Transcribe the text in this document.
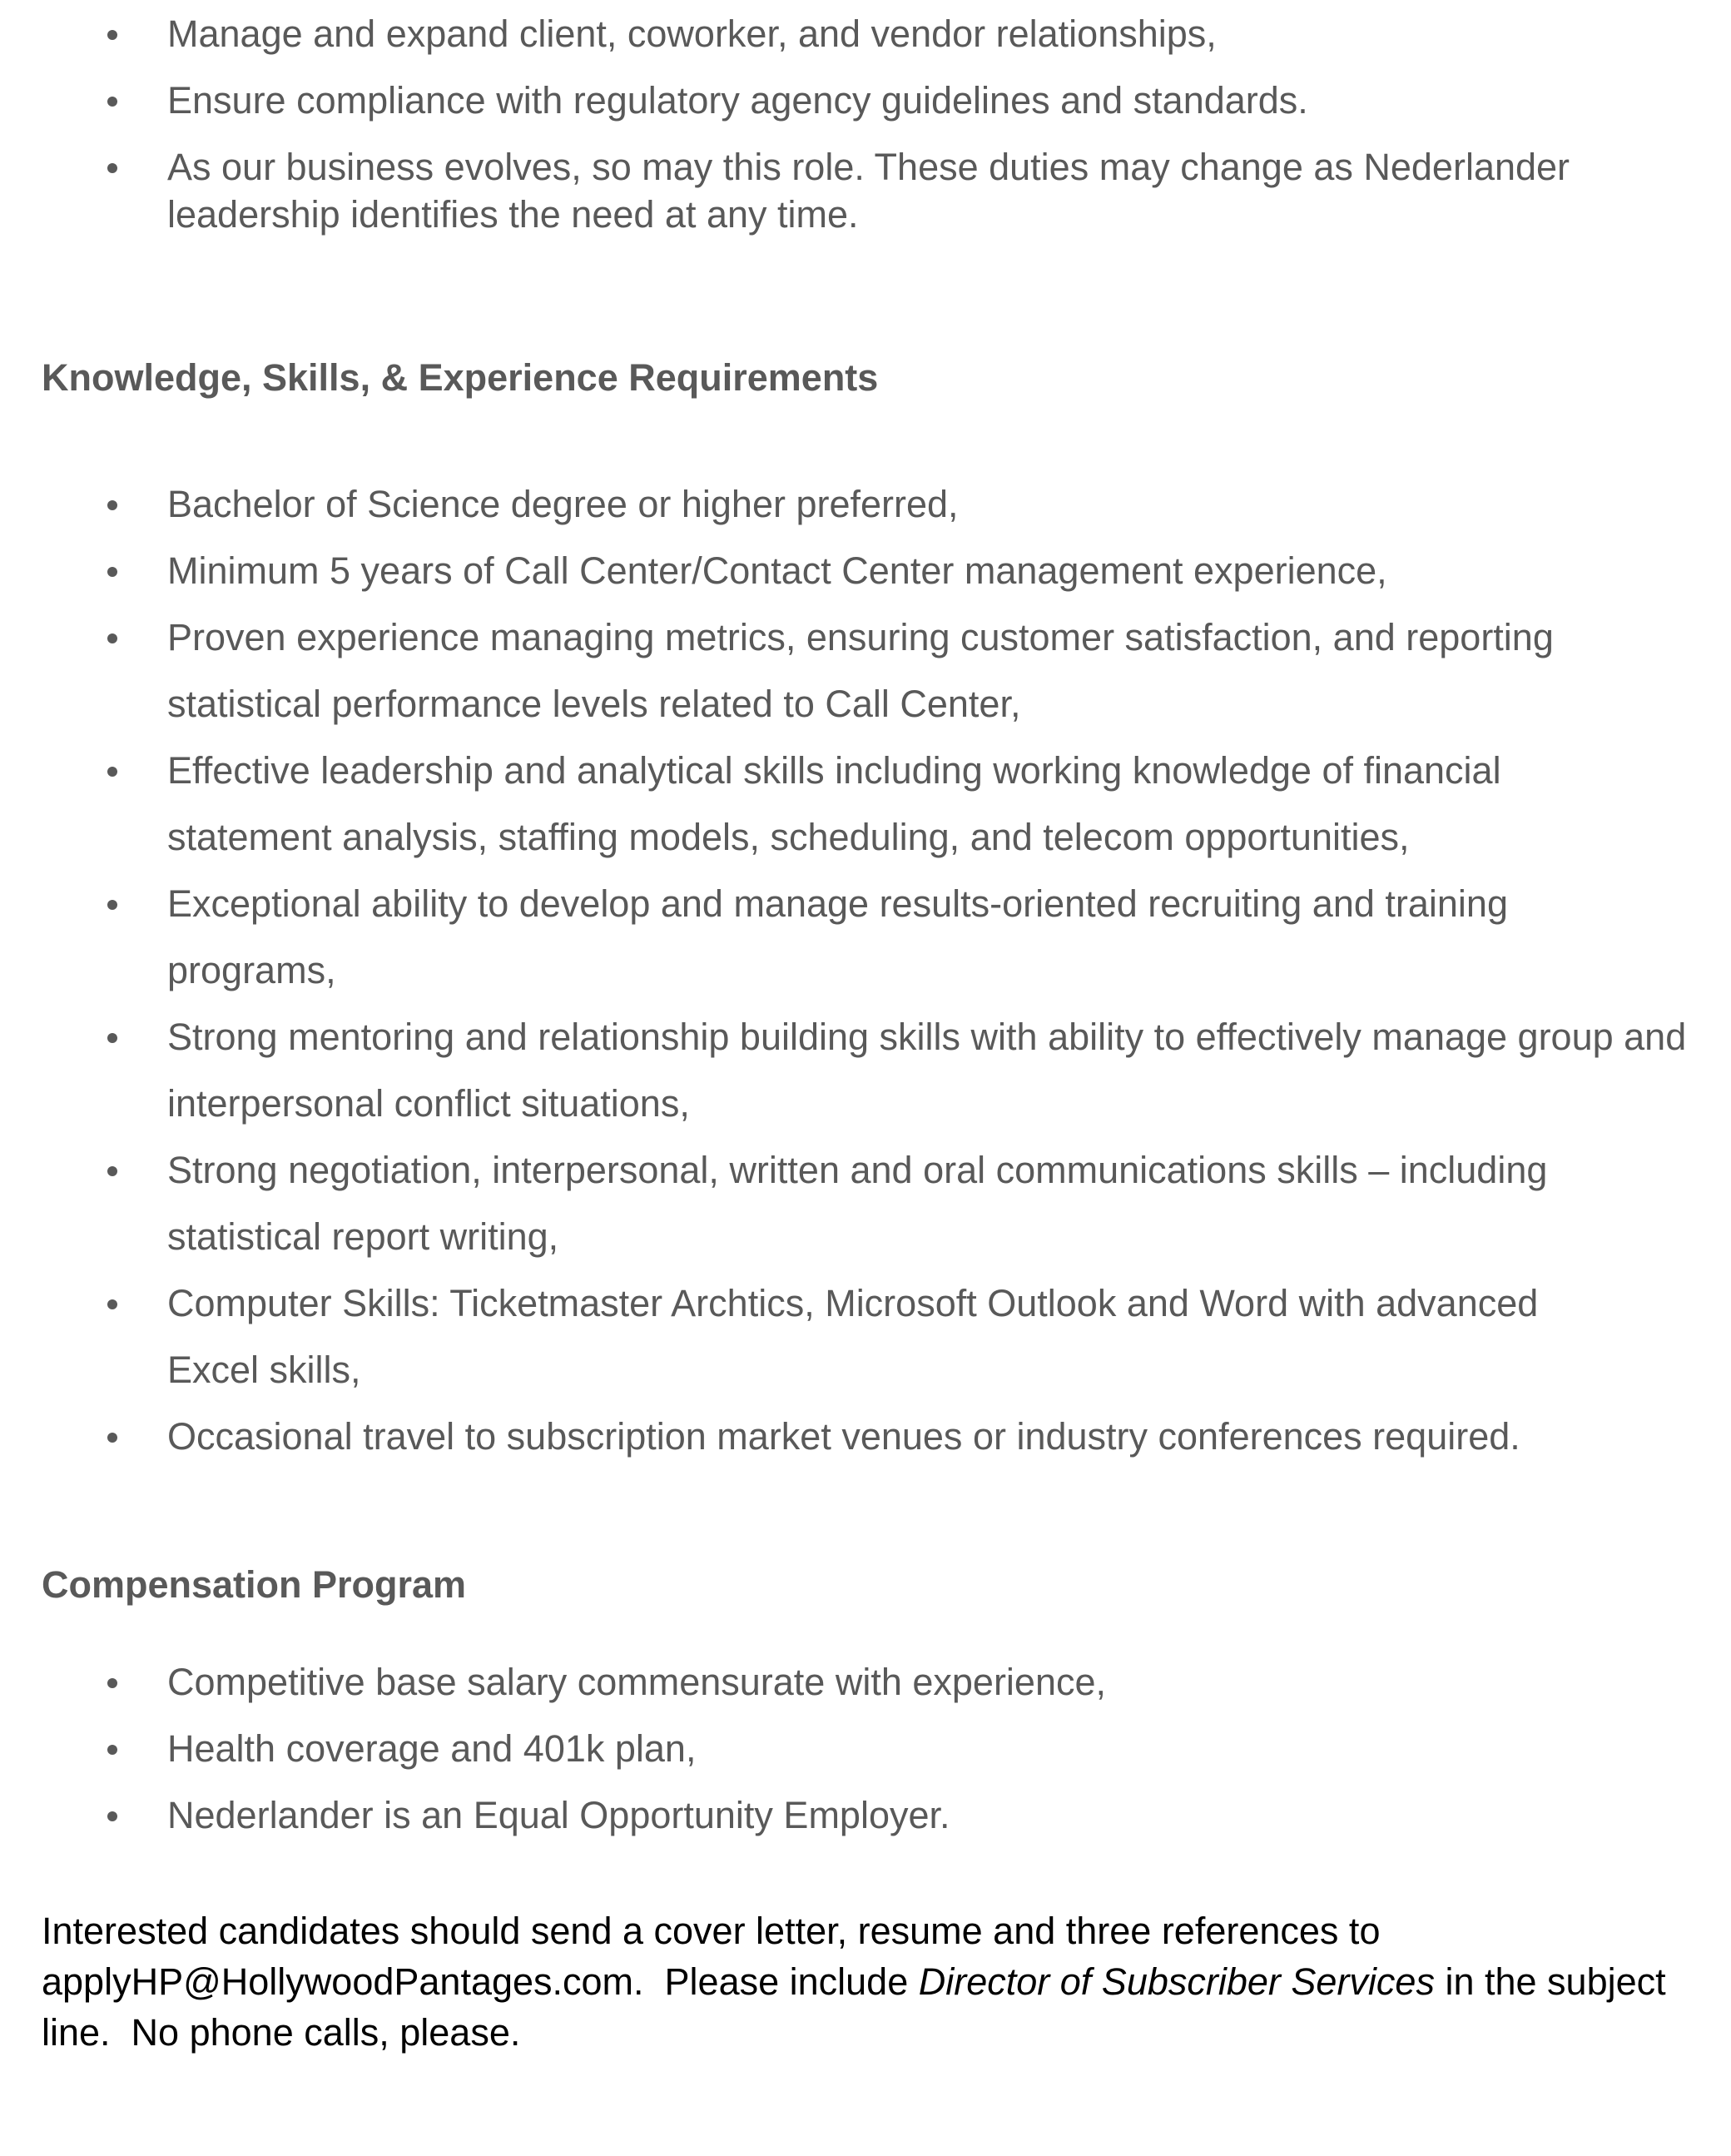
Manage and expand client, coworker, and vendor relationships,
Ensure compliance with regulatory agency guidelines and standards.
As our business evolves, so may this role. These duties may change as Nederlander leadership identifies the need at any time.
Knowledge, Skills, & Experience Requirements
Bachelor of Science degree or higher preferred,
Minimum 5 years of Call Center/Contact Center management experience,
Proven experience managing metrics, ensuring customer satisfaction, and reporting statistical performance levels related to Call Center,
Effective leadership and analytical skills including working knowledge of financial statement analysis, staffing models, scheduling, and telecom opportunities,
Exceptional ability to develop and manage results-oriented recruiting and training programs,
Strong mentoring and relationship building skills with ability to effectively manage group and interpersonal conflict situations,
Strong negotiation, interpersonal, written and oral communications skills – including statistical report writing,
Computer Skills: Ticketmaster Archtics, Microsoft Outlook and Word with advanced Excel skills,
Occasional travel to subscription market venues or industry conferences required.
Compensation Program
Competitive base salary commensurate with experience,
Health coverage and 401k plan,
Nederlander is an Equal Opportunity Employer.
Interested candidates should send a cover letter, resume and three references to applyHP@HollywoodPantages.com.  Please include Director of Subscriber Services in the subject line.  No phone calls, please.
